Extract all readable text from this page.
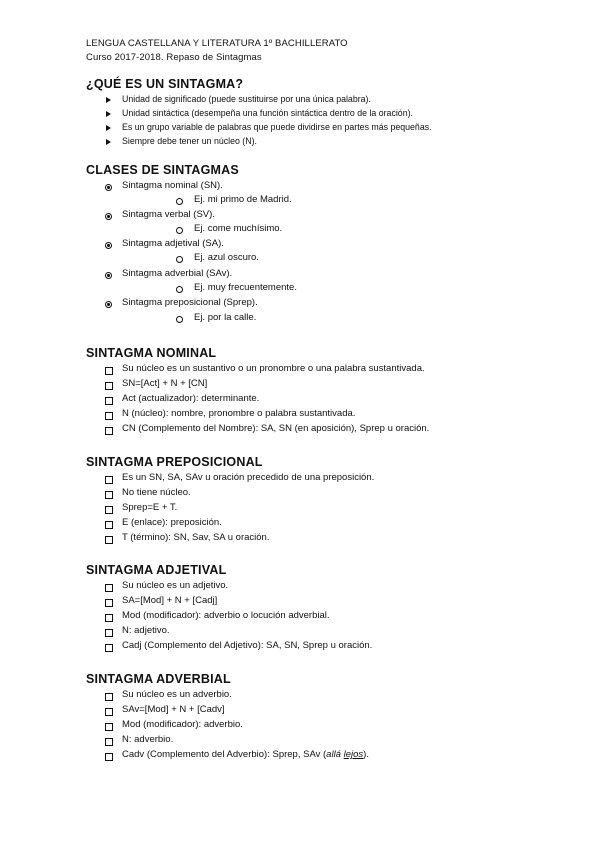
LENGUA CASTELLANA Y LITERATURA 1º BACHILLERATO
Curso 2017-2018. Repaso de Sintagmas
¿QUÉ ES UN SINTAGMA?
Unidad de significado (puede sustituirse por una única palabra).
Unidad sintáctica (desempeña una función sintáctica dentro de la oración).
Es un grupo variable de palabras que puede dividirse en partes más pequeñas.
Siempre debe tener un núcleo (N).
CLASES DE SINTAGMAS
Sintagma nominal (SN).
Ej. mi primo de Madrid.
Sintagma verbal (SV).
Ej. come muchísimo.
Sintagma adjetival (SA).
Ej. azul oscuro.
Sintagma adverbial (SAv).
Ej. muy frecuentemente.
Sintagma preposicional (Sprep).
Ej. por la calle.
SINTAGMA NOMINAL
Su núcleo es un sustantivo o un pronombre o una palabra sustantivada.
SN=[Act] + N + [CN]
Act (actualizador): determinante.
N (núcleo): nombre, pronombre o palabra sustantivada.
CN (Complemento del Nombre): SA, SN (en aposición), Sprep u oración.
SINTAGMA PREPOSICIONAL
Es un SN, SA, SAv u oración precedido de una preposición.
No tiene núcleo.
Sprep=E + T.
E (enlace): preposición.
T (término): SN, Sav, SA u oración.
SINTAGMA ADJETIVAL
Su núcleo es un adjetivo.
SA=[Mod] + N + [Cadj]
Mod (modificador): adverbio o locución adverbial.
N: adjetivo.
Cadj (Complemento del Adjetivo): SA, SN, Sprep u oración.
SINTAGMA ADVERBIAL
Su núcleo es un adverbio.
SAv=[Mod] + N + [Cadv]
Mod (modificador): adverbio.
N: adverbio.
Cadv (Complemento del Adverbio): Sprep, SAv (allá lejos).
